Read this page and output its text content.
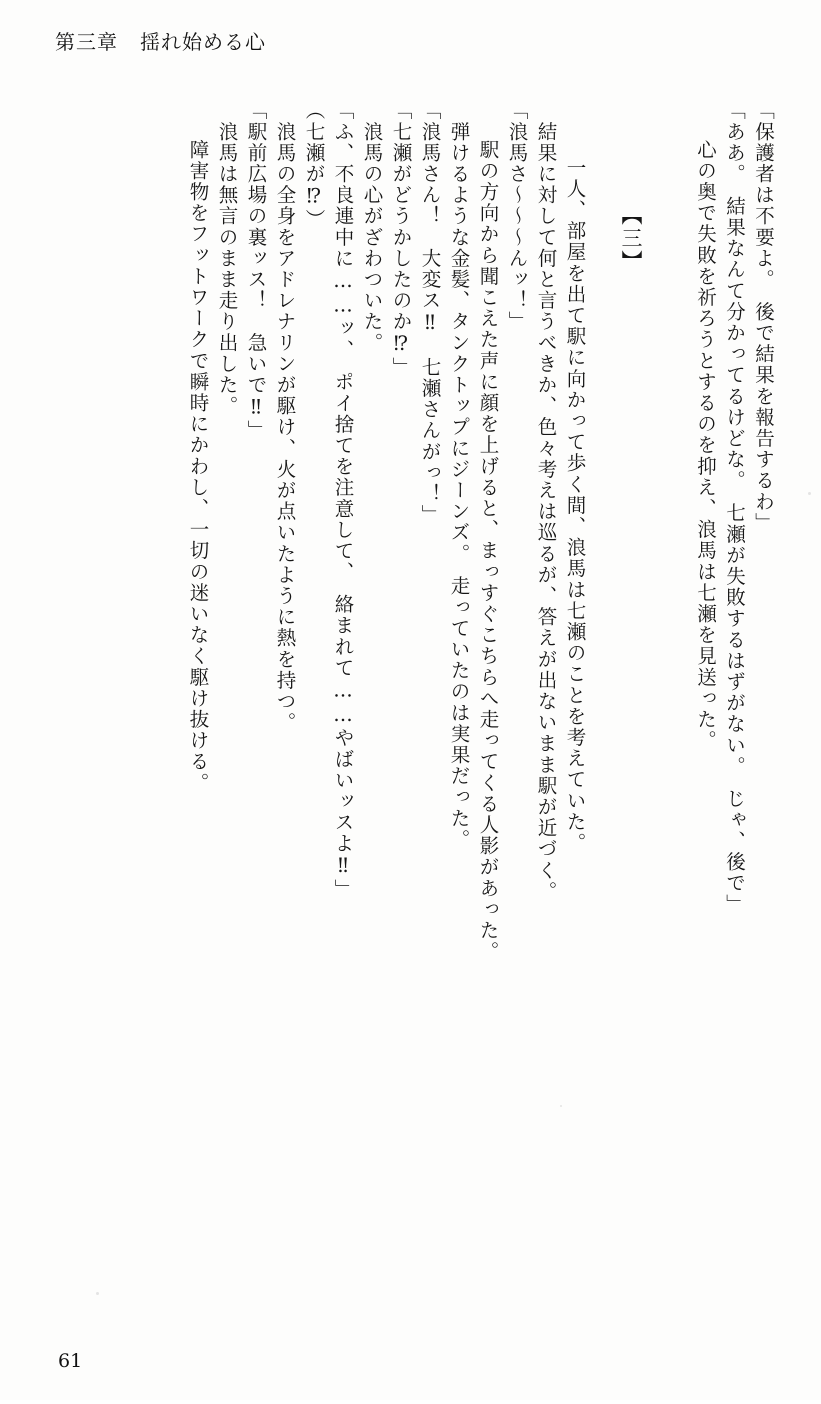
第三章 揺れ始める心
「保護者は不要よ。　後で結果を報告するわ」
「ああ。　結果なんて分かってるけどな。　七瀬が失敗するはずがない。　じゃ、後で」
　心の奥で失敗を祈ろうとするのを抑え、浪馬は七瀬を見送った。
【三】
　一人、部屋を出て駅に向かって歩く間、浪馬は七瀬のことを考えていた。
　結果に対して何と言うべきか、色々考えは巡るが、答えが出ないまま駅が近づく。
「浪馬さ～～～んッ！」
　駅の方向から聞こえた声に顔を上げると、まっすぐこちらへ走ってくる人影があった。
　弾けるような金髪、タンクトップにジーンズ。　走っていたのは実果だった。
「浪馬さん！　大変ス‼　七瀬さんがっ！」
「七瀬がどうかしたのか⁉」
　浪馬の心がざわついた。
「ふ、不良連中に……ッ、　ポイ捨てを注意して、　絡まれて……やばいッスよ‼」
（七瀬が⁉）
　浪馬の全身をアドレナリンが駆け、火が点いたように熱を持つ。
「駅前広場の裏ッス！　急いで‼」
　浪馬は無言のまま走り出した。
　障害物をフットワークで瞬時にかわし、一切の迷いなく駆け抜ける。
61
